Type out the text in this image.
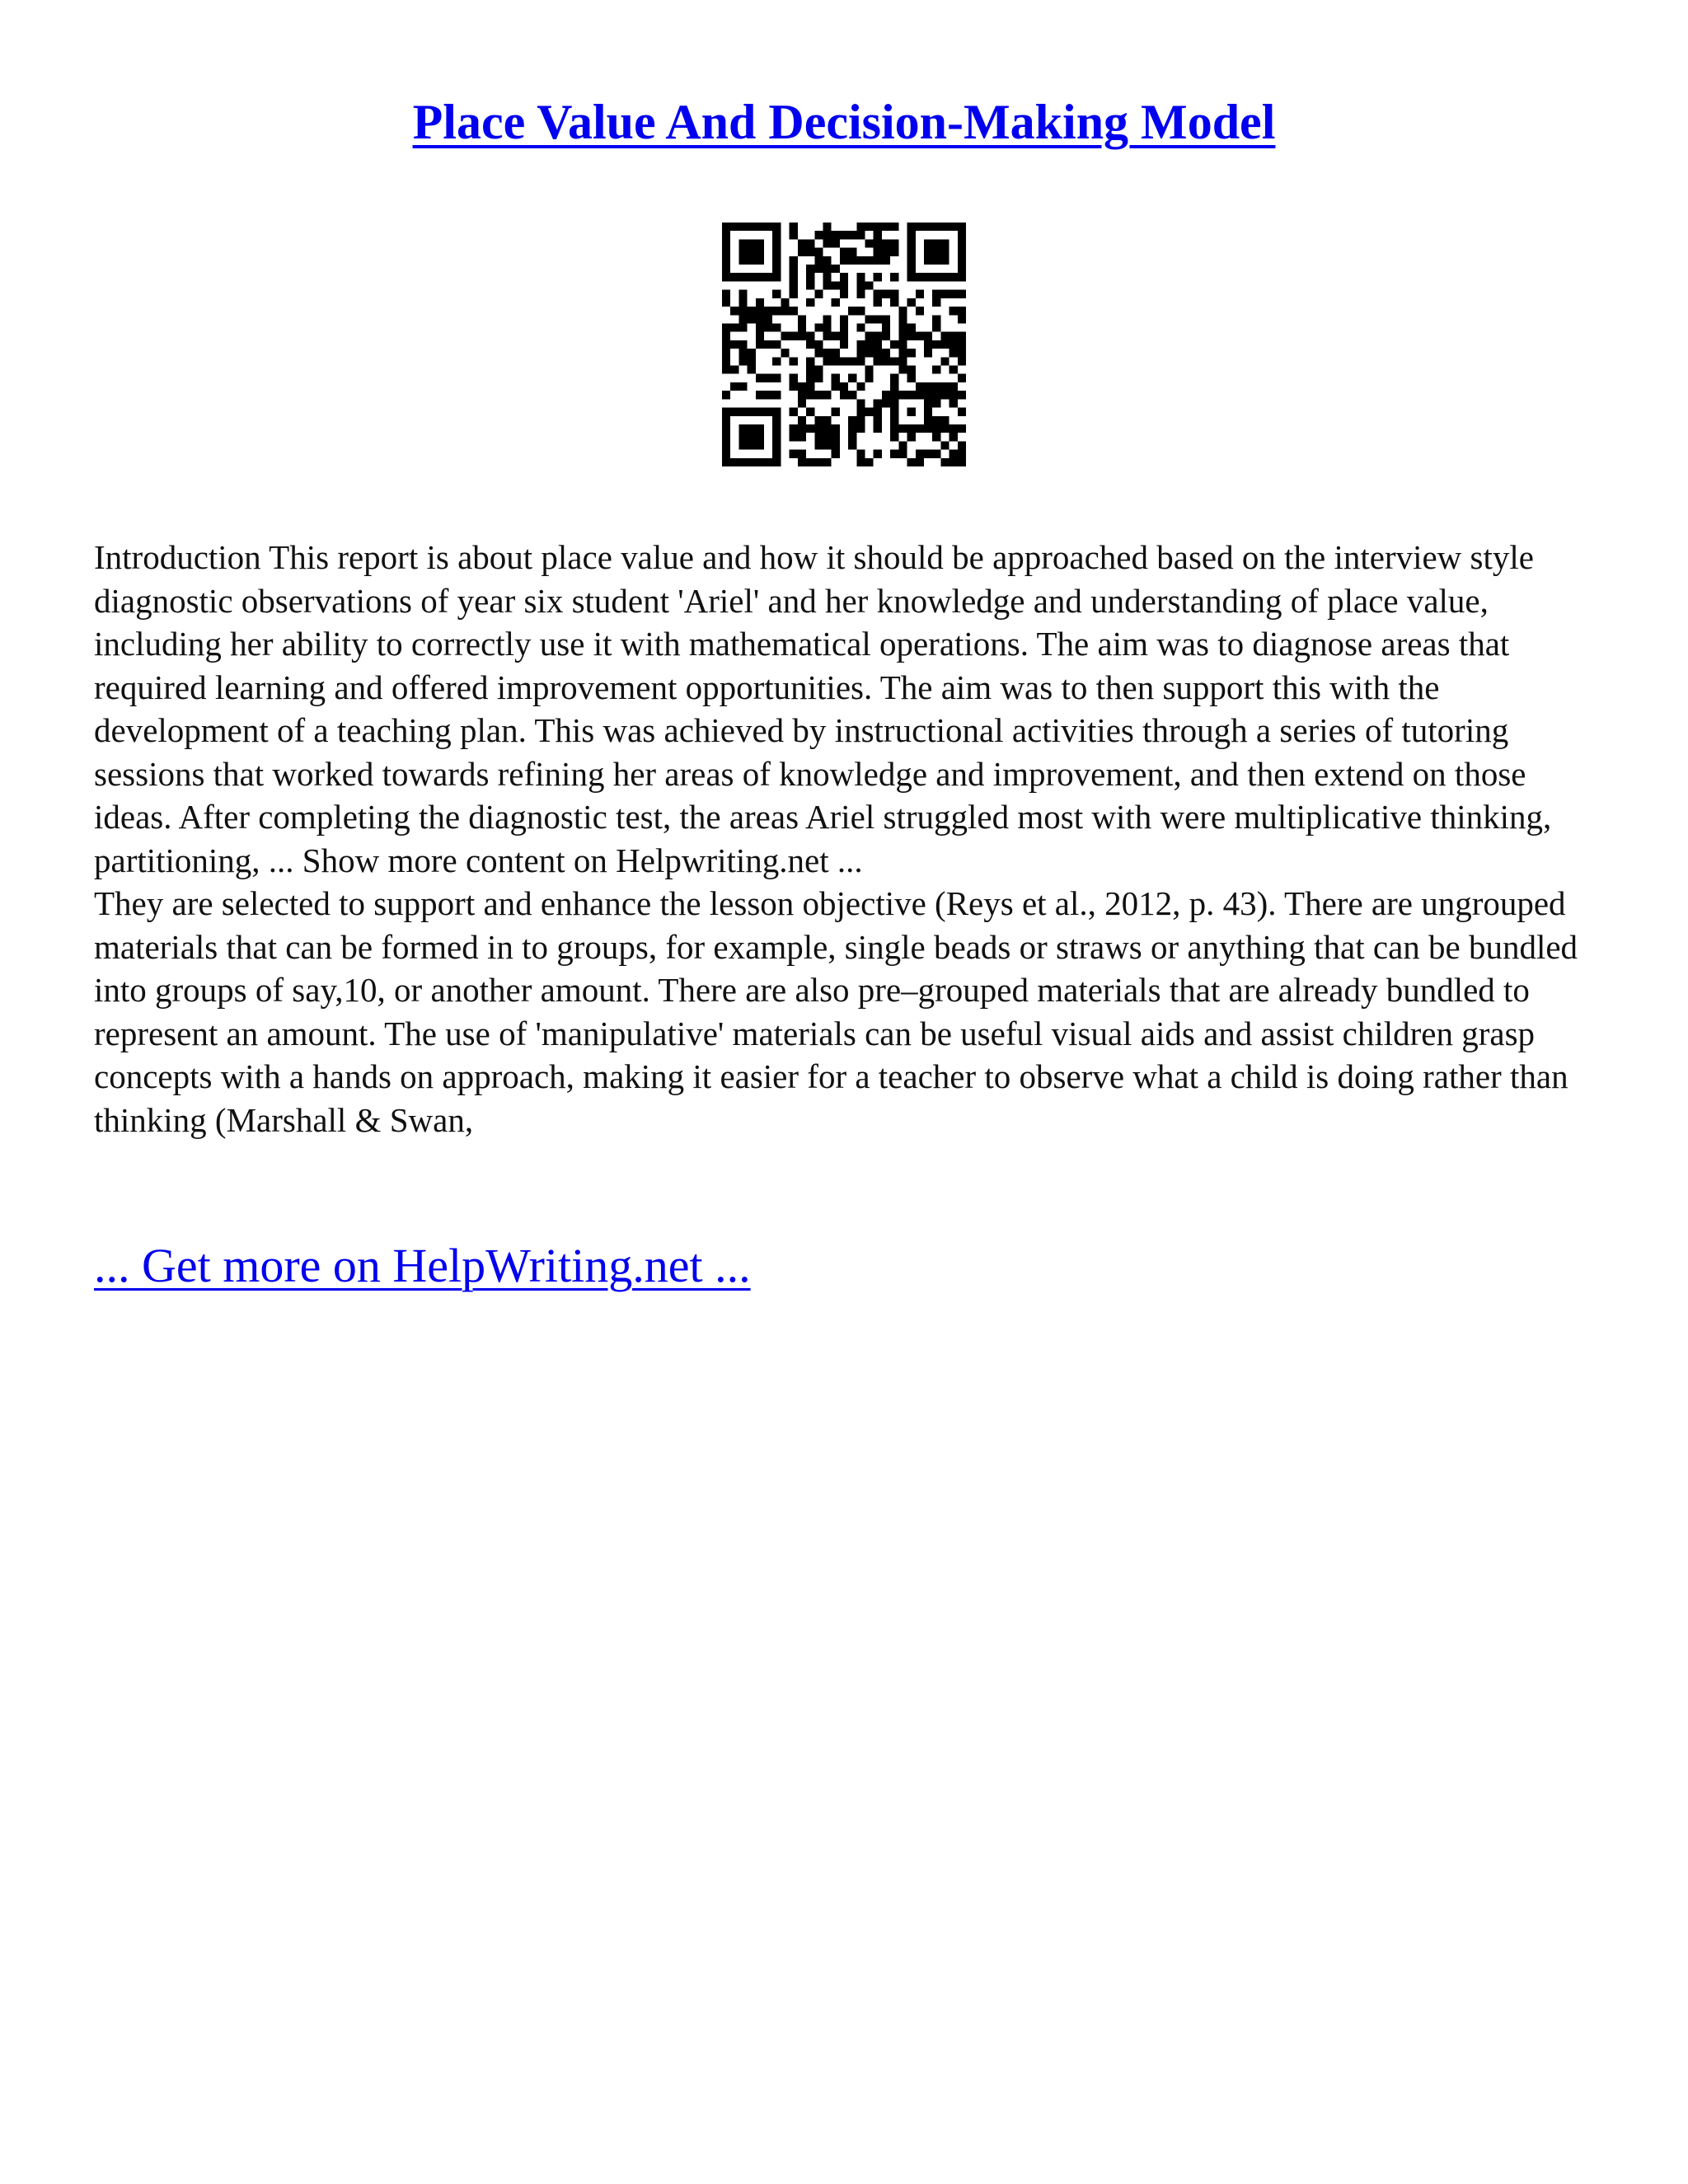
Place Value And Decision-Making Model

Introduction This report is about place value and how it should be approached based on the interview style diagnostic observations of year six student 'Ariel' and her knowledge and understanding of place value, including her ability to correctly use it with mathematical operations. The aim was to diagnose areas that required learning and offered improvement opportunities. The aim was to then support this with the development of a teaching plan. This was achieved by instructional activities through a series of tutoring sessions that worked towards refining her areas of knowledge and improvement, and then extend on those ideas. After completing the diagnostic test, the areas Ariel struggled most with were multiplicative thinking, partitioning, ... Show more content on Helpwriting.net ...

They are selected to support and enhance the lesson objective (Reys et al., 2012, p. 43). There are ungrouped materials that can be formed in to groups, for example, single beads or straws or anything that can be bundled into groups of say,10, or another amount. There are also pre–grouped materials that are already bundled to represent an amount. The use of 'manipulative' materials can be useful visual aids and assist children grasp concepts with a hands on approach, making it easier for a teacher to observe what a child is doing rather than thinking (Marshall & Swan,

... Get more on HelpWriting.net ...
